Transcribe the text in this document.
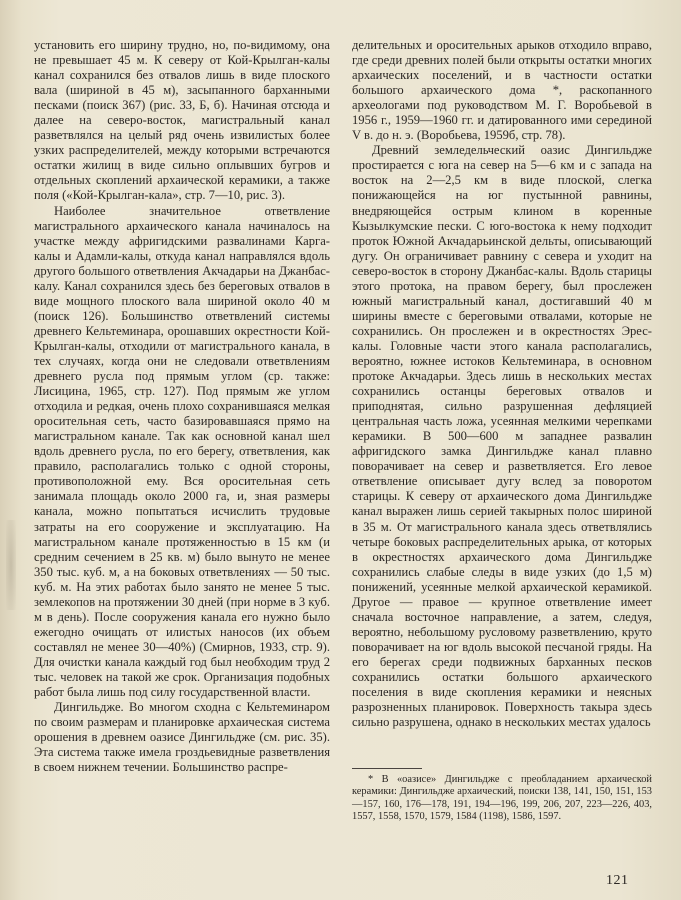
установить его ширину трудно, но, по-видимому, она не превышает 45 м. К северу от Кой-Крылган-калы канал сохранился без отвалов лишь в виде плоского вала (шириной в 45 м), засыпанного барханными песками (поиск 367) (рис. 33, Б, б). Начиная отсюда и далее на северо-восток, магистральный канал разветвлялся на целый ряд очень извилистых более узких распределителей, между которыми встречаются остатки жилищ в виде сильно оплывших бугров и отдельных скоплений архаической керамики, а также поля («Кой-Крылган-кала», стр. 7—10, рис. 3).

Наиболее значительное ответвление магистрального архаического канала начиналось на участке между афригидскими развалинами Карга-калы и Адамли-калы, откуда канал направлялся вдоль другого большого ответвления Акчадарьи на Джанбас-калу. Канал сохранился здесь без береговых отвалов в виде мощного плоского вала шириной около 40 м (поиск 126). Большинство ответвлений системы древнего Кельтеминара, орошавших окрестности Кой-Крылган-калы, отходили от магистрального канала, в тех случаях, когда они не следовали ответвлениям древнего русла под прямым углом (ср. также: Лисицина, 1965, стр. 127). Под прямым же углом отходила и редкая, очень плохо сохранившаяся мелкая оросительная сеть, часто базировавшаяся прямо на магистральном канале. Так как основной канал шел вдоль древнего русла, по его берегу, ответвления, как правило, располагались только с одной стороны, противоположной ему. Вся оросительная сеть занимала площадь около 2000 га, и, зная размеры канала, можно попытаться исчислить трудовые затраты на его сооружение и эксплуатацию. На магистральном канале протяженностью в 15 км (и средним сечением в 25 кв. м) было вынуто не менее 350 тыс. куб. м, а на боковых ответвлениях — 50 тыс. куб. м. На этих работах было занято не менее 5 тыс. землекопов на протяжении 30 дней (при норме в 3 куб. м в день). После сооружения канала его нужно было ежегодно очищать от илистых наносов (их объем составлял не менее 30—40%) (Смирнов, 1933, стр. 9). Для очистки канала каждый год был необходим труд 2 тыс. человек на такой же срок. Организация подобных работ была лишь под силу государственной власти.

Дингильдже. Во многом сходна с Кельтеминаром по своим размерам и планировке архаическая система орошения в древнем оазисе Дингильдже (см. рис. 35). Эта система также имела гроздьевидные разветвления в своем нижнем течении. Большинство распре-

делительных и оросительных арыков отходило вправо, где среди древних полей были открыты остатки многих архаических поселений, и в частности остатки большого архаического дома *, раскопанного археологами под руководством М. Г. Воробьевой в 1956 г., 1959—1960 гг. и датированного ими серединой V в. до н. э. (Воробьева, 1959б, стр. 78).

Древний земледельческий оазис Дингильдже простирается с юга на север на 5—6 км и с запада на восток на 2—2,5 км в виде плоской, слегка понижающейся на юг пустынной равнины, внедряющейся острым клином в коренные Кызылкумские пески. С юго-востока к нему подходит проток Южной Акчадарьинской дельты, описывающий дугу. Он ограничивает равнину с севера и уходит на северо-восток в сторону Джанбас-калы. Вдоль старицы этого протока, на правом берегу, был прослежен южный магистральный канал, достигавший 40 м ширины вместе с береговыми отвалами, которые не сохранились. Он прослежен и в окрестностях Эрес-калы. Головные части этого канала располагались, вероятно, южнее истоков Кельтеминара, в основном протоке Акчадарьи. Здесь лишь в нескольких местах сохранились останцы береговых отвалов и приподнятая, сильно разрушенная дефляцией центральная часть ложа, усеянная мелкими черепками керамики. В 500—600 м западнее развалин афригидского замка Дингильдже канал плавно поворачивает на север и разветвляется. Его левое ответвление описывает дугу вслед за поворотом старицы. К северу от архаического дома Дингильдже канал выражен лишь серией такырных полос шириной в 35 м. От магистрального канала здесь ответвлялись четыре боковых распределительных арыка, от которых в окрестностях архаического дома Дингильдже сохранились слабые следы в виде узких (до 1,5 м) понижений, усеянные мелкой архаической керамикой. Другое — правое — крупное ответвление имеет сначала восточное направление, а затем, следуя, вероятно, небольшому русловому разветвлению, круто поворачивает на юг вдоль высокой песчаной гряды. На его берегах среди подвижных барханных песков сохранились остатки большого архаического поселения в виде скопления керамики и неясных разрозненных планировок. Поверхность такыра здесь сильно разрушена, однако в нескольких местах удалось

* В «оазисе» Дингильдже с преобладанием архаической керамики: Дингильдже архаический, поиски 138, 141, 150, 151, 153—157, 160, 176—178, 191, 194—196, 199, 206, 207, 223—226, 403, 1557, 1558, 1570, 1579, 1584 (1198), 1586, 1597.
121
